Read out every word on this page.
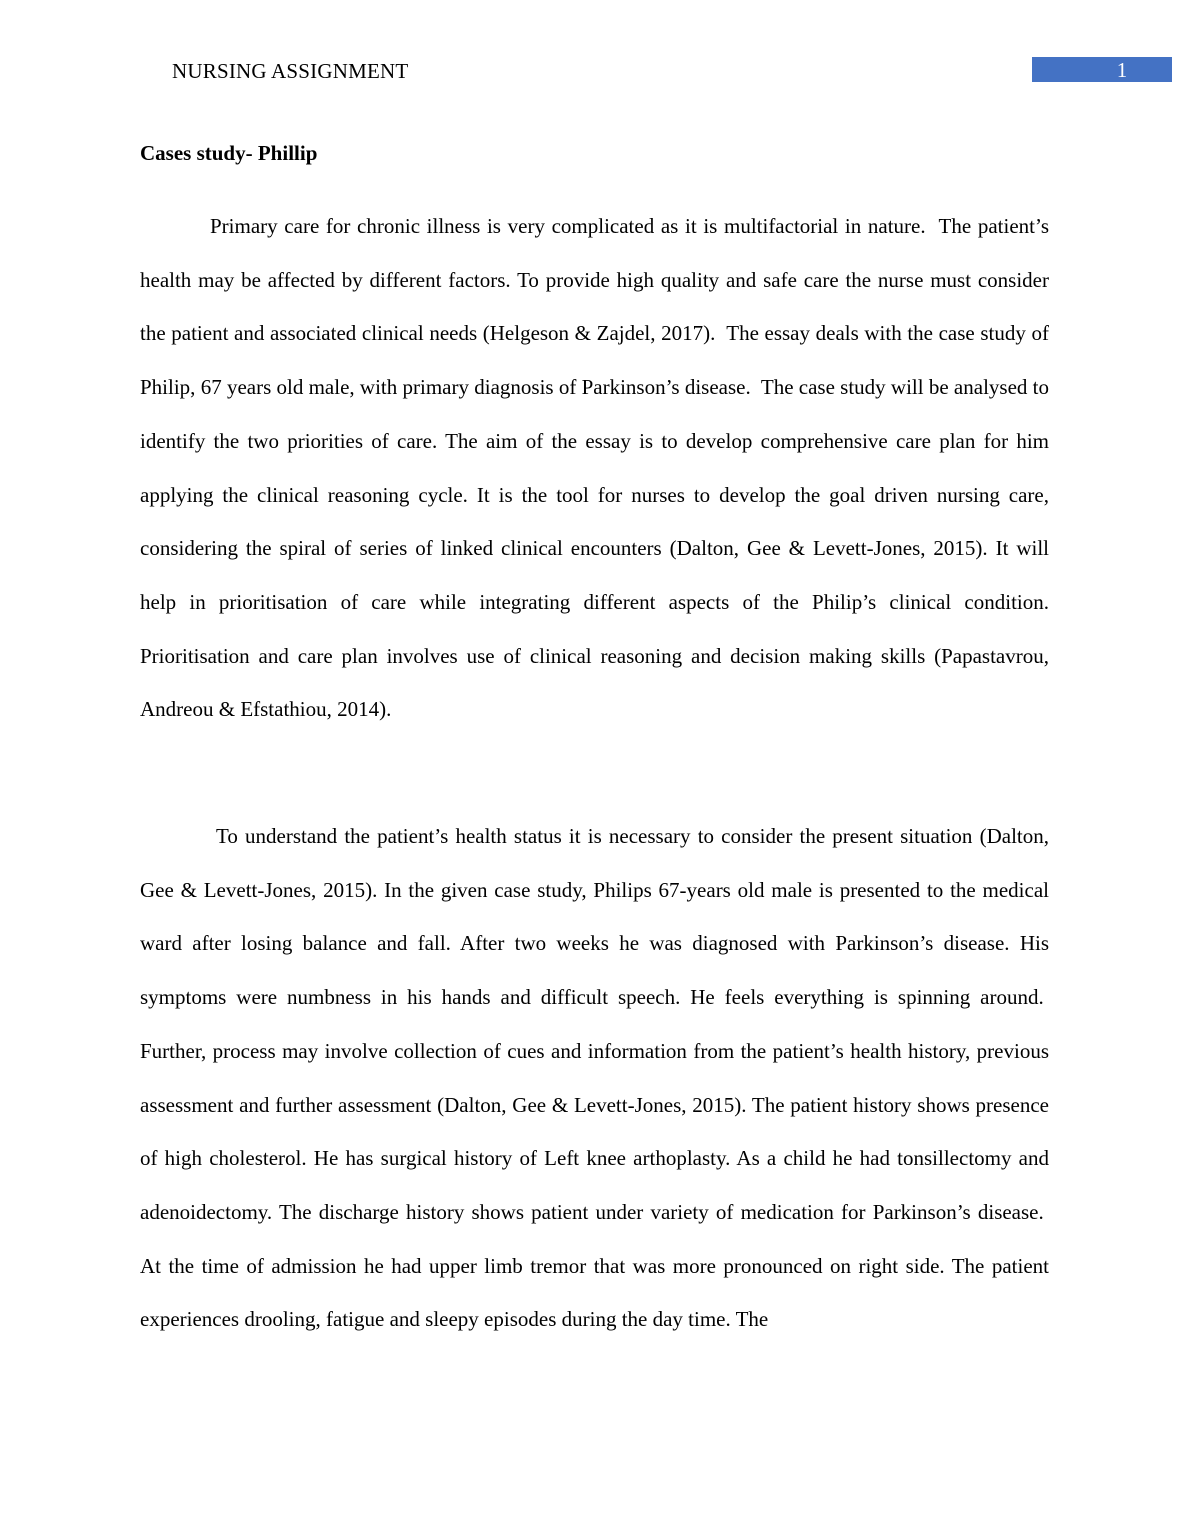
NURSING ASSIGNMENT	1
Cases study- Phillip

Primary care for chronic illness is very complicated as it is multifactorial in nature.  The patient’s health may be affected by different factors. To provide high quality and safe care the nurse must consider the patient and associated clinical needs (Helgeson & Zajdel, 2017).  The essay deals with the case study of Philip, 67 years old male, with primary diagnosis of Parkinson’s disease.  The case study will be analysed to identify the two priorities of care. The aim of the essay is to develop comprehensive care plan for him applying the clinical reasoning cycle. It is the tool for nurses to develop the goal driven nursing care, considering the spiral of series of linked clinical encounters (Dalton, Gee & Levett-Jones, 2015). It will help in prioritisation of care while integrating different aspects of the Philip’s clinical condition. Prioritisation and care plan involves use of clinical reasoning and decision making skills (Papastavrou, Andreou & Efstathiou, 2014).

To understand the patient’s health status it is necessary to consider the present situation (Dalton, Gee & Levett-Jones, 2015). In the given case study, Philips 67-years old male is presented to the medical ward after losing balance and fall. After two weeks he was diagnosed with Parkinson’s disease. His symptoms were numbness in his hands and difficult speech. He feels everything is spinning around.  Further, process may involve collection of cues and information from the patient’s health history, previous assessment and further assessment (Dalton, Gee & Levett-Jones, 2015). The patient history shows presence of high cholesterol. He has surgical history of Left knee arthoplasty. As a child he had tonsillectomy and adenoidectomy. The discharge history shows patient under variety of medication for Parkinson’s disease.  At the time of admission he had upper limb tremor that was more pronounced on right side. The patient experiences drooling, fatigue and sleepy episodes during the day time. The
